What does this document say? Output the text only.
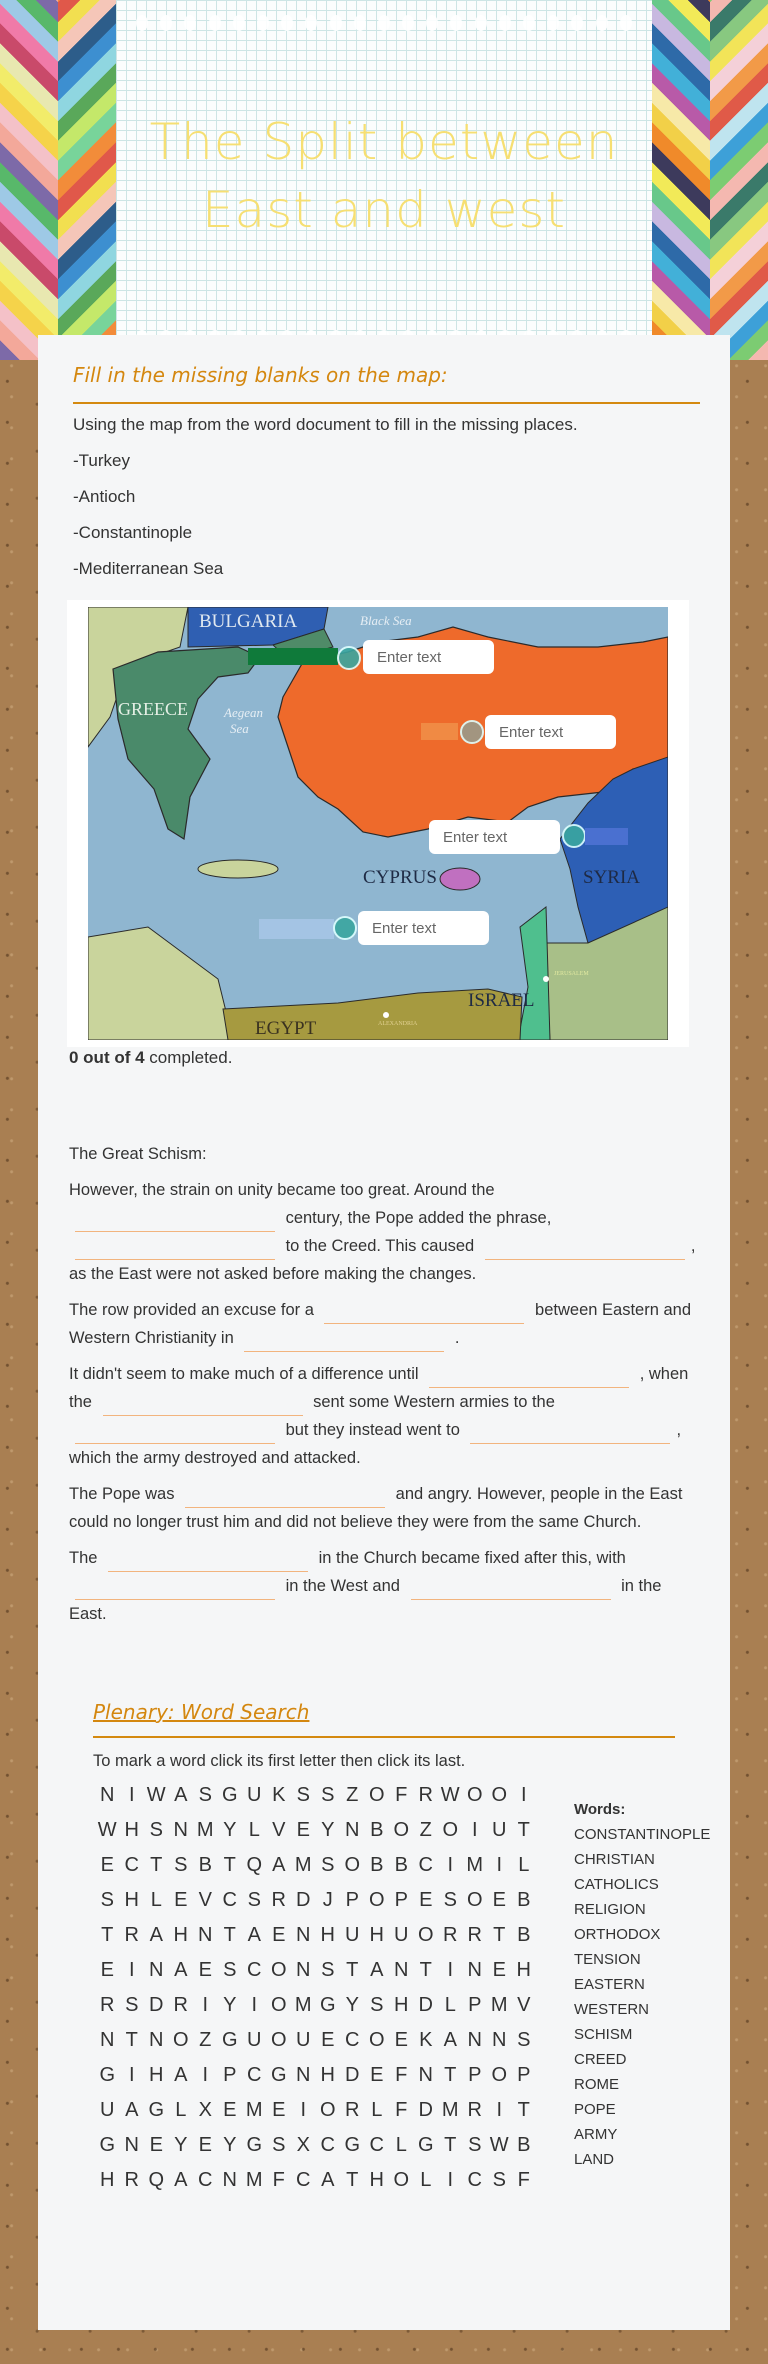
The Split between
East and west
Fill in the missing blanks on the map:
Using the map from the word document to fill in the missing places.
-Turkey
-Antioch
-Constantinople
-Mediterranean Sea
BULGARIA	Black Sea
GREECE	Aegean
Sea
CYPRUS	SYRIA
ISRAEL
EGYPT	ALEXANDRIA
JERUSALEM

Enter text
Enter text
Enter text
Enter text
0 out of 4 completed.

The Great Schism:

However, the strain on unity became too great. Around the  century, the Pope added the phrase,  to the Creed. This caused	, as the East were not asked before making the changes.

The row provided an excuse for a	between Eastern and Western Christianity in	.

It didn't seem to make much of a difference until	, when the	sent some Western armies to the  but they instead went to	, which the army destroyed and attacked.

The Pope was	and angry. However, people in the East could no longer trust him and did not believe they were from the same Church.

The	in the Church became fixed after this, with  in the West and	in the East.

Plenary: Word Search
To mark a word click its first letter then click its last.
N I W A S G U K S S Z O F R W O O I
W H S N M Y L V E Y N B O Z O I U T
E C T S B T Q A M S O B B C I M I L
S H L E V C S R D J P O P E S O E B
T R A H N T A E N H U H U O R R T B
E I N A E S C O N S T A N T I N E H
R S D R I Y I O M G Y S H D L P M V
N T N O Z G U O U E C O E K A N N S
G I H A I P C G N H D E F N T P O P
U A G L X E M E I O R L F D M R I T
G N E Y E Y G S X C G C L G T S W B
H R Q A C N M F C A T H O L I C S F
Words:
CONSTANTINOPLE
CHRISTIAN
CATHOLICS
RELIGION
ORTHODOX
TENSION
EASTERN
WESTERN
SCHISM
CREED
ROME
POPE
ARMY
LAND
